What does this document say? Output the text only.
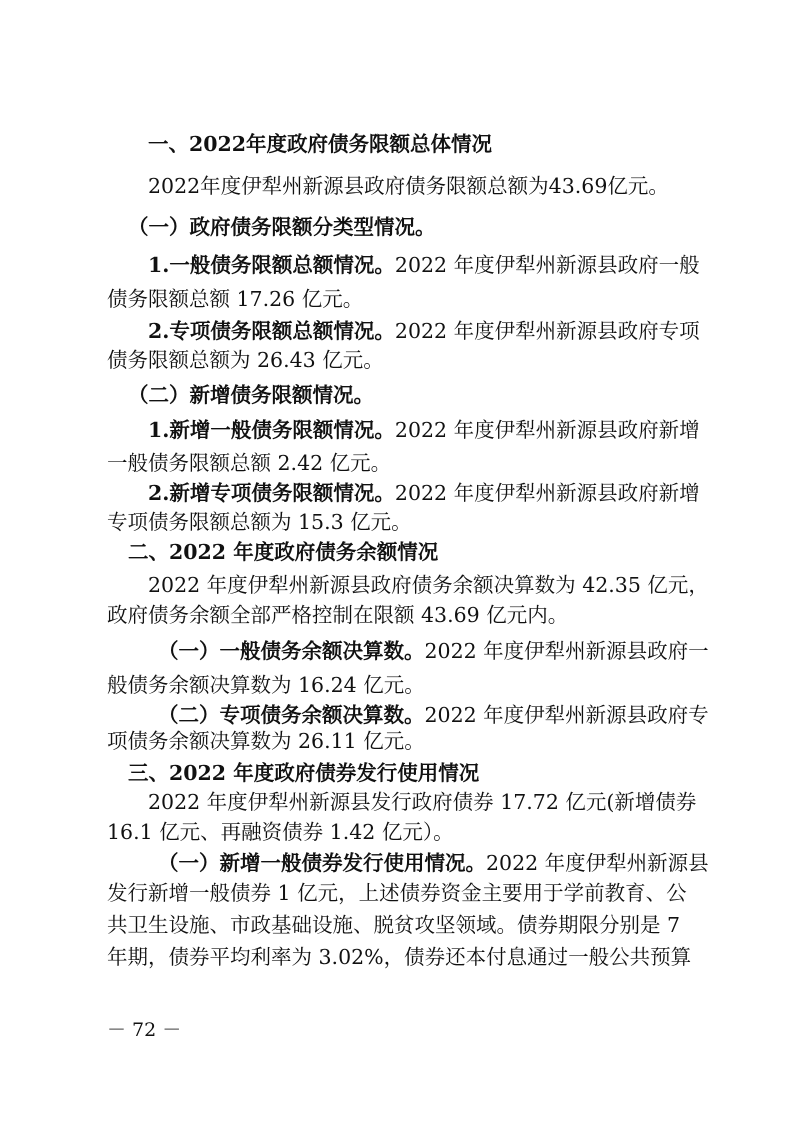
一、2022年度政府债务限额总体情况
2022年度伊犁州新源县政府债务限额总额为43.69亿元。
（一）政府债务限额分类型情况。
1.一般债务限额总额情况。2022 年度伊犁州新源县政府一般
债务限额总额 17.26 亿元。
2.专项债务限额总额情况。2022 年度伊犁州新源县政府专项
债务限额总额为 26.43 亿元。
（二）新增债务限额情况。
1.新增一般债务限额情况。2022 年度伊犁州新源县政府新增
一般债务限额总额 2.42 亿元。
2.新增专项债务限额情况。2022 年度伊犁州新源县政府新增
专项债务限额总额为 15.3 亿元。
二、2022 年度政府债务余额情况
2022 年度伊犁州新源县政府债务余额决算数为 42.35 亿元，
政府债务余额全部严格控制在限额 43.69 亿元内。
（一）一般债务余额决算数。2022 年度伊犁州新源县政府一
般债务余额决算数为 16.24 亿元。
（二）专项债务余额决算数。2022 年度伊犁州新源县政府专
项债务余额决算数为 26.11 亿元。
三、2022 年度政府债券发行使用情况
2022 年度伊犁州新源县发行政府债券 17.72 亿元(新增债券
16.1 亿元、再融资债券 1.42 亿元）。
（一）新增一般债券发行使用情况。2022 年度伊犁州新源县
发行新增一般债券 1 亿元，上述债券资金主要用于学前教育、公
共卫生设施、市政基础设施、脱贫攻坚领域。债券期限分别是 7
年期，债券平均利率为 3.02%，债券还本付息通过一般公共预算
－ 72 －
